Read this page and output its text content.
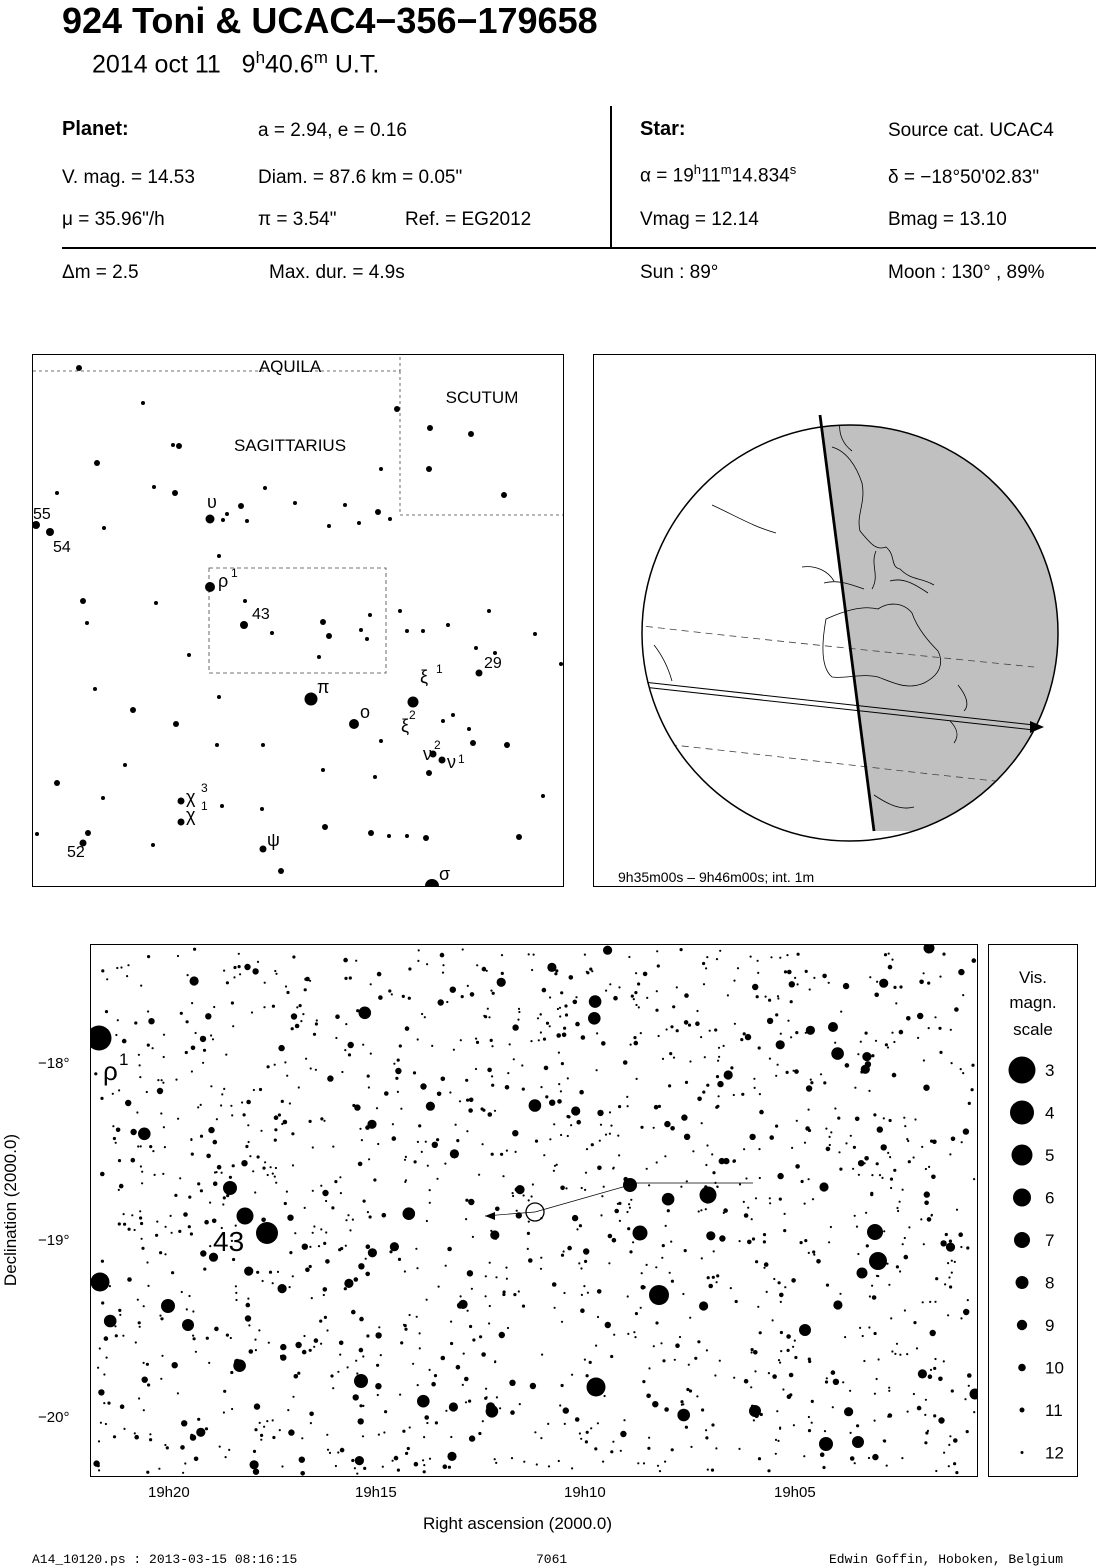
924 Toni & UCAC4−356−179658
2014 oct 11 9$^h$40.6$^m$ U.T.
Planet:	a = 2.94, e = 0.16
V. mag. = 14.53	Diam. = 87.6 km = 0.05"
μ = 35.96"/h	π = 3.54"	Ref. = EG2012
Star:	Source cat. UCAC4
$\alpha = 19^h11^m14.834^s$	δ = −18°50'02.83"
Vmag = 12.14	Bmag = 13.10
Δm = 2.5	Max. dur. = 4.9s	Sun : 89°	Moon : 130° , 89%
AQUILA
SCUTUM
SAGITTARIUS
55
54
υ
ρ 1
43
ξ 1	29
π
ο
ξ
2
ν 2
ν 1
χ 3
χ 1
52
ψ
σ	9h35m00s – 9h46m00s; int. 1m
ρ 1
43
−18°
−19°
−20°
19h20	19h15	19h10	19h05
Right ascension (2000.0)
Declination (2000.0)
Vis.
magn.
scale
3
4
5
6
7
8
9
10
11
12
A14_10120.ps : 2013-03-15 08:16:15	7061	Edwin Goffin, Hoboken, Belgium
